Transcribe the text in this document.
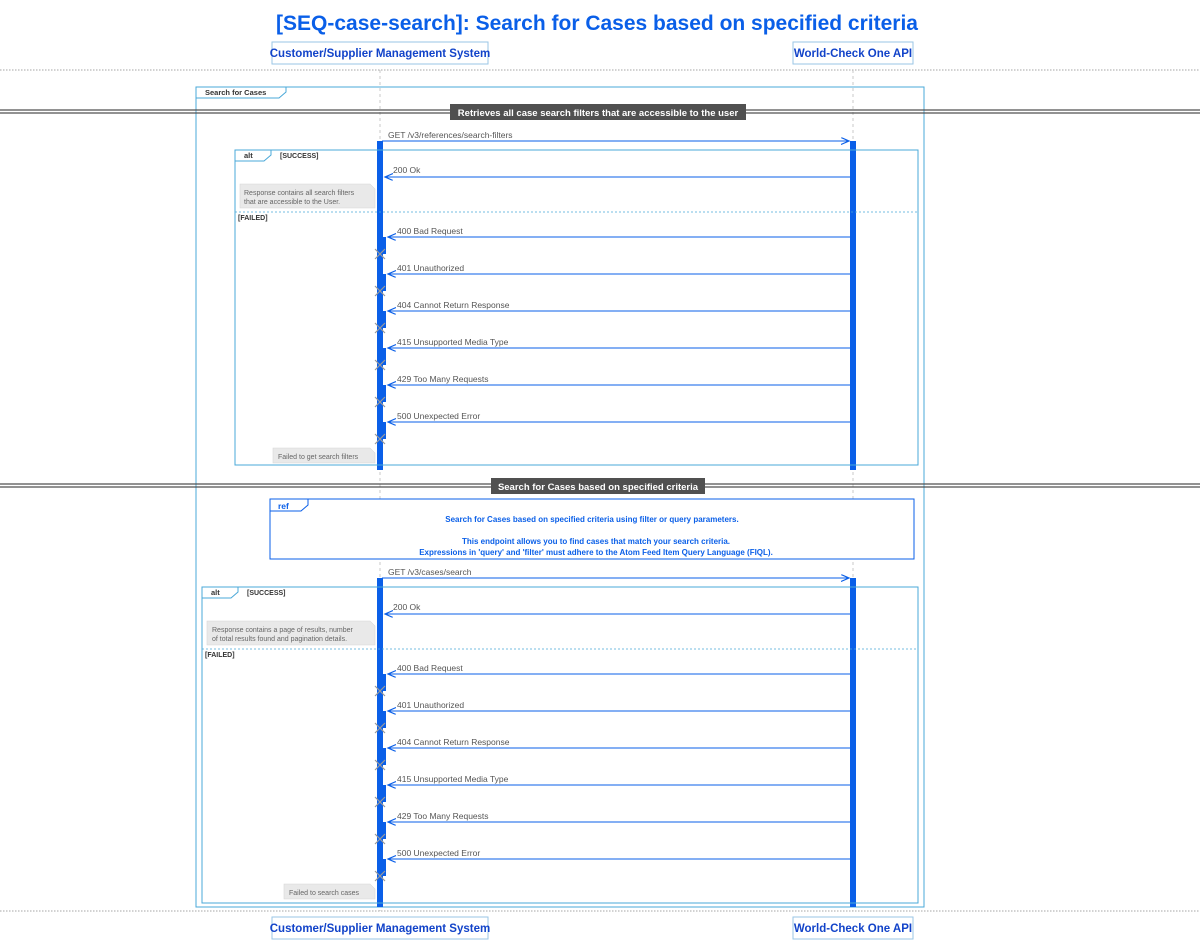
[SEQ-case-search]: Search for Cases based on specified criteria
Customer/Supplier Management System	World-Check One API
Search for Cases
Retrieves all case search filters that are accessible to the user
GET /v3/references/search-filters
alt	[SUCCESS]
[FAILED]
200 Ok
Response contains all search filters
that are accessible to the User.
400 Bad Request
401 Unauthorized
404 Cannot Return Response
415 Unsupported Media Type
429 Too Many Requests
500 Unexpected Error
Failed to get search filters
Search for Cases based on specified criteria
ref
Search for Cases based on specified criteria using filter or query parameters.
This endpoint allows you to find cases that match your search criteria.
Expressions in 'query' and 'filter' must adhere to the Atom Feed Item Query Language (FIQL).
GET /v3/cases/search
alt	[SUCCESS]
[FAILED]
200 Ok
Response contains a page of results, number
of total results found and pagination details.
400 Bad Request
401 Unauthorized
404 Cannot Return Response
415 Unsupported Media Type
429 Too Many Requests
500 Unexpected Error
Failed to search cases
Customer/Supplier Management System	World-Check One API
